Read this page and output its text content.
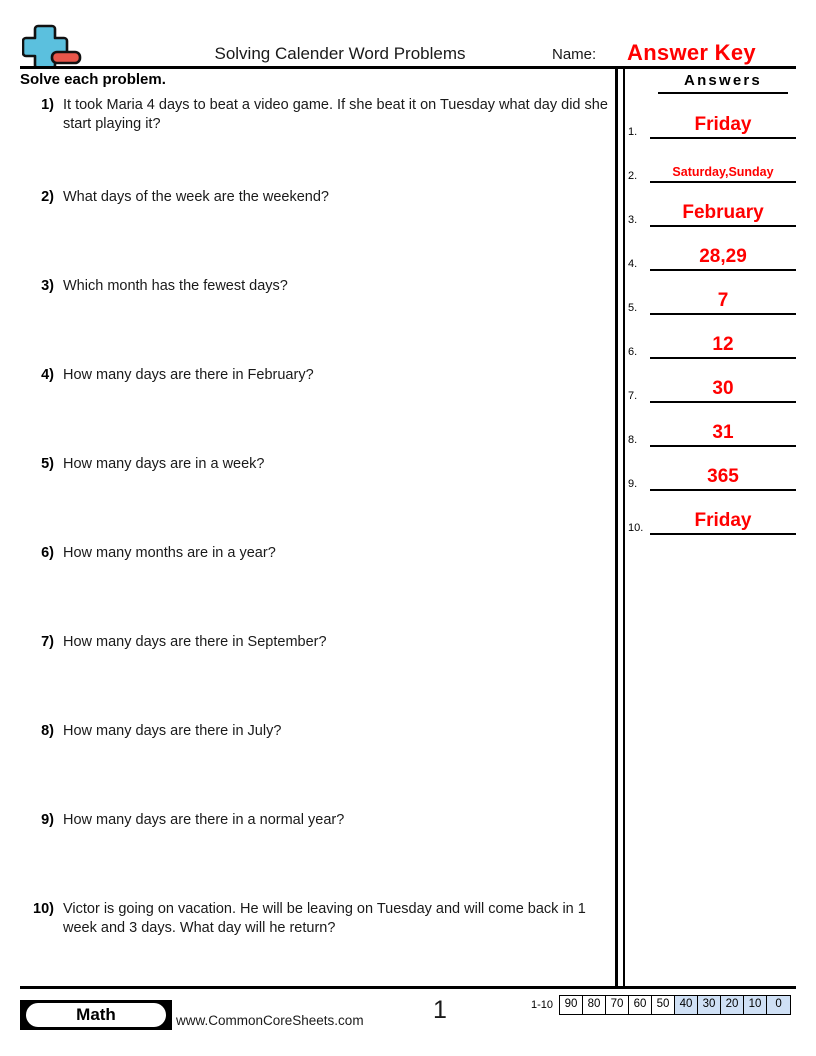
Solving Calender Word Problems	Name: Answer Key
Solve each problem.
1) It took Maria 4 days to beat a video game. If she beat it on Tuesday what day did she start playing it?
2) What days of the week are the weekend?
3) Which month has the fewest days?
4) How many days are there in February?
5) How many days are in a week?
6) How many months are in a year?
7) How many days are there in September?
8) How many days are there in July?
9) How many days are there in a normal year?
10) Victor is going on vacation. He will be leaving on Tuesday and will come back in 1 week and 3 days. What day will he return?
Answers
1.	Friday
2.	Saturday,Sunday
3.	February
4.	28,29
5.	7
6.	12
7.	30
8.	31
9.	365
10.	Friday
Math	www.CommonCoreSheets.com	1	1-10	90 80 70 60 50 40 30 20 10	0
